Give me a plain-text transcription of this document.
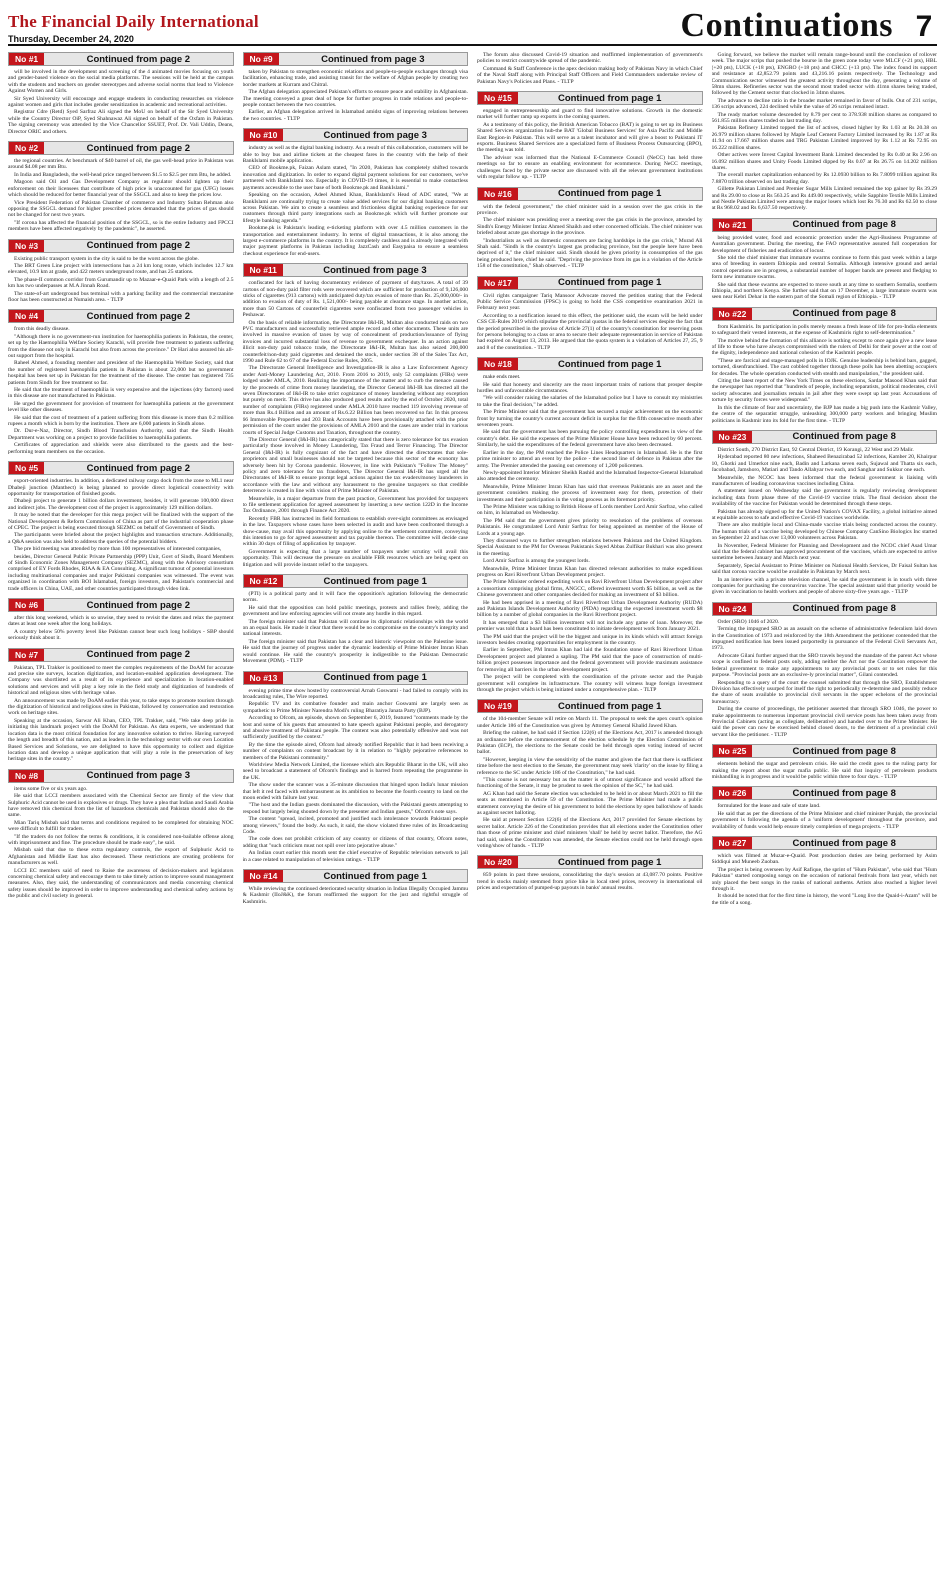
The Financial Daily International
Thursday, December 24, 2020	Continuations 7
No #1	Continued from page 2

will be involved in the development and screening of the 4 animated movies focusing on youth and gender-based violence on the social media platforms. The sessions will be held at the campus with the students and teachers on gender stereotypes and adverse social norms that lead to Violence Against Women and Girls.

Sir Syed University will encourage and engage students in conducting researches on violence against women and girls that includes gender sensitization in academic and recreational activities.

Registrar Cdre (Retd) Syed Sarfraz Ali signed the MoU on behalf of the Sir Syed University while the Country Director OiP, Syed Shahnawaz Ali signed on behalf of the Oxfam in Pakistan. The signing ceremony was attended by the Vice Chancellor SSUET, Prof. Dr. Vali Uddin, Deans, Director ORIC and others.

No #2	Continued from page 2

the regional countries. At benchmark of $40 barrel of oil, the gas well-head price in Pakistan was around $4.08 per mm Btu.

In India and Bangladesh, the well-head price ranged between $1.5 to $2.5 per mm Btu, he added.

Magoon said Oil and Gas Development Company as regulator should tighten up their enforcement on their licensees that contribute of high price is unaccounted for gas (UFG) losses which should be reduced for better financial year of the SSGCL and also to keep the prices low.

Vice President Federation of Pakistan Chamber of commerce and Industry Sultan Rehman also opposing the SSGCL demand for higher prescribed prices demanded that the prices of gas should not be changed for next two years.

"If corona has affected the financial position of the SSGCL, so is the entire Industry and FPCCI members have been affected negatively by the pandemic", he asserted.

No #3	Continued from page 2

Existing public transport system in the city is said to be the worst across the globe.

The BRT Green Line project with intersections has a 24 km long route, which includes 12.7 km elevated, 10.9 km at grade, and 422 meters underground route, and has 25 stations.

The phase-II common corridor from Gurumandir up to Mazaar-e-Quaid Park with a length of 2.5 km has two underpasses at M.A Jinnah Road.

The state-of-art underground bus terminal with a parking facility and the commercial mezzanine floor has been constructed at Numaish area. - TLTP

No #4	Continued from page 2

from this deadly disease.

"Although there is no government-run institution for haemophilia patients in Pakistan, the center, set up by the Haemophilia Welfare Society Karachi, will provide free treatment to patients suffering from the disease not only in Karachi but also from across the province." Dr Hari also assured his all-out support from the hospital.

Raheel Ahmed, a founding member and president of the Haemophilia Welfare Society, said that the number of registered haemophilia patients in Pakistan is about 22,000 but no government hospital has been set up in Pakistan for the treatment of the disease. The center has registered 735 patients from Sindh for free treatment so far.

He said that the treatment of haemophilia is very expensive and the injections (dry factors) used in this disease are not manufactured in Pakistan.

He urged the government for provision of treatment for haemophilia patients at the government level like other diseases.

He said that the cost of treatment of a patient suffering from this disease is more than 0.2 million rupees a month which is born by the institution. There are 6,000 patients in Sindh alone.

Dr. Dur-e-Naz, Director, Sindh Blood Transfusion Authority, said that the Sindh Health Department was working on a project to provide facilities to haemophilia patients.

Certificates of appreciation and shields were also distributed to the guests and the best-performing team members on the occasion.

No #5	Continued from page 2

export-oriented industries. In addition, a dedicated railway cargo dock from the zone to ML1 near Dhabeji junction (Manthect) is being planned to provide direct logistical connectivity with opportunity for transportation of finished goods.

Dhabeji project to generate 1 billion dollars investment, besides, it will generate 100,000 direct and indirect jobs. The development cost of the project is approximately 129 million dollars.

It may be noted that the developer for this mega project will be finalized with the support of the National Development & Reform Commission of China as part of the industrial cooperation phase of CPEC. The project is being executed through SEZMC on behalf of Government of Sindh.

The participants were briefed about the project highlights and transaction structure. Additionally, a Q&A session was also held to address the queries of the potential bidders.

The pre bid meeting was attended by more than 100 representatives of interested companies,

besides, Director General Public Private Partnership (PPP) Unit, Govt of Sindh, Board Members of Sindh Economic Zones Management Company (SEZMC), along with the Advisory consortium comprised of EY Fords Rhodes, RIAA & EA Consulting. A significant turnout of potential investors including multinational companies and major Pakistani companies was witnessed. The event was organized in coordination with BOI Islamabad, foreign investors, and Pakistan's commercial and trade officers in China, UAE, and other countries participated through video link.

No #6	Continued from page 2

after this long weekend, which is so unwise, they need to revisit the dates and relax the payment dates at least one week after the long holidays.

A country below 50% poverty level like Pakistan cannot bear such long holidays - SBP should seriously think about it.

No #7	Continued from page 2

Pakistan, TPL Trakker is positioned to meet the complex requirements of the DoAM for accurate and precise site surveys, location digitization, and location-enabled application development. The Company was shortlisted as a result of its experience and specialization in location-enabled solutions and services and will play a key role in the field study and digitization of hundreds of historical and religious sites with heritage value.

An announcement was made by DoAM earlier this year, to take steps to promote tourism through the digitization of historical and religious sites in Pakistan, followed by conservation and restoration work on heritage sites.

Speaking at the occasion, Sarwar Ali Khan, CEO, TPL Trakker, said, "We take deep pride in initiating this landmark project with the DoAM for Pakistan. As data experts, we understand that location data is the most critical foundation for any innovative solution to thrive. Having surveyed the length and breadth of this nation, and as leaders in the technology sector with our own Location Based Services and Solutions, we are delighted to have this opportunity to collect and digitize location data and develop a unique application that will play a role in the preservation of key heritage sites in the country."

No #8	Continued from page 3

items some five or six years ago.

He said that LCCI members associated with the Chemical Sector are firmly of the view that Sulphuric Acid cannot be used in explosives or drugs. They have a plea that Indian and Saudi Arabia have removed this chemical from the list of hazardous chemicals and Pakistan should also do the same.

Mian Tariq Misbah said that terms and conditions required to be completed for obtaining NOC were difficult to fulfill for traders.

"If the traders do not follow the terms & conditions, it is considered non-bailable offense along with imprisonment and fine. The procedure should be made easy", he said.

Misbah said that due to these extra regulatory controls, the export of Sulphuric Acid to Afghanistan and Middle East has also decreased. These restrictions are creating problems for manufacturers as well.

LCCI EC members said of need to Raise the awareness of decision-makers and legislators concerning chemical safety and encourage them to take timely action to improve sound management measures. Also, they said, the understanding of communicators and media concerning chemical safety issues should be improved in order to improve understanding and chemical safety actions by the public and civil society in general.

No #9	Continued from page 3

taken by Pakistan to strengthen economic relations and people-to-people exchanges through visa facilitation, enhancing trade, and assisting transit for the welfare of Afghan people by creating two border markets at Kurram and Chitral.

The Afghan delegation appreciated Pakistan's efforts to ensure peace and stability in Afghanistan. The meeting conveyed a great deal of hope for further progress in trade relations and people-to-people contact between the two countries.

Earlier, an Afghan delegation arrived in Islamabad amidst signs of improving relations between the two countries. - TLTP

No #10	Continued from page 3

industry as well as the digital banking industry. As a result of this collaboration, customers will be able to buy bus and airline tickets at the cheapest fares in the country with the help of their BankIslami mobile application.

CEO of Bookme.pk, Faizan Aslam stated, "In 2020, Pakistan has completely shifted towards innovation and digitization. In order to expand digital payment solutions for our customers, we've partnered with BankIslami too. Especially in COVID-19 times, it is essential to make contactless payments accessible to the user base of both Bookme.pk and BankIslami."

Speaking on the occasion, Adeel Ahmed Khan, BankIslami's Head of ADC stated, "We at BankIslami are continually trying to create value added services for our digital banking customers across Pakistan. We aim to create a seamless and frictionless digital banking experience for our customers through third party integrations such as Bookme.pk which will further promote our lifestyle banking agenda."

Bookme.pk is Pakistan's leading e-ticketing platform with over 4.5 million customers in the transportation and entertainment industry. In terms of digital transactions, it is also among the largest e-commerce platforms in the country. It is completely cashless and is already integrated with major payment platforms in Pakistan including JazzCash and Easypaisa to ensure a seamless checkout experience for end-users.

No #11	Continued from page 3

confiscated for lack of having documentary evidence of payment of duty/taxes. A total of 39 cartons of non-duty paid filter rods were recovered which are sufficient for production of 9,126,000 sticks of cigarettes (913 cartons) with anticipated duty/tax evasion of more than Rs. 25,000,000/- in addition to evasion of duty of Rs. 1,521,000/- being payable at clearance stage. In another action, more than 50 Cartons of counterfeit cigarettes were confiscated from two passenger vehicles in Peshawar.

On the basis of reliable information, the Directorate I&I-IR, Multan also conducted raids on two PVC manufacturers and successfully retrieved ample record and other documents. These units are involved in massive evasion of taxes by way of concealment of production/issuance of flying invoices and incurred substantial loss of revenue to government exchequer. In an action against illicit non-duty paid tobacco trade, the Directorate I&I-IR, Multan has also seized 200,000 counterfeit/non-duty paid cigarettes and detained the stock, under section 38 of the Sales Tax Act, 1990 and Rule 62 to 67 of the Federal Excise Rules, 2005.

The Directorate General Intelligence and Investigation-IR is also a Law Enforcement Agency under Anti-Money Laundering Act, 2010. From 2016 to 2019, only 52 complaints (FIRs) were lodged under AMLA, 2010. Realizing the importance of the matter and to curb the menace caused by the proceeds of crime from money laundering, the Director General I&I-IR has directed all the seven Directorates of I&I-IR to take strict cognizance of money laundering without any exception but purely on merit. This drive has also produced good results and by the end of October 2020, total number of complaints (FIRs) registered under AMLA 2010 have reached 119 involving revenue of more than Rs.4 Billion and an amount of Rs.6.22 Billion has been recovered so far. In this process 66 Immovable Properties and 203 Bank Accounts have been provisionally attached with the prior permission of the court under the provisions of AMLA 2010 and the cases are under trial in various courts of Special Judge Customs and Taxation, throughout the country.

The Director General (I&I-IR) has categorically stated that there is zero tolerance for tax evasion particularly those involved in Money Laundering, Tax Fraud and Terror Financing. The Director General (I&I-IR) is fully cognizant of the fact and have directed the directorates that sole-proprietors and small businesses should not be targeted because this sector of the economy has adversely been hit by Corona pandemic. However, in line with Pakistan's "Follow The Money" policy and zero tolerance for tax fraudsters, The Director General I&I-IR has urged all the Directorates of I&I-IR to ensure prompt legal actions against the tax evaders/money launderers in accordance with the law and without any harassment to the genuine taxpayers so that credible deterrence is created in line with vision of Prime Minister of Pakistan.

Meanwhile, in a major departure from the past practice, Government has provided for taxpayers to file settlement application for agreed assessment by inserting a new section 122D in the Income Tax Ordinance, 2001 through Finance Act 2020.

Recently FBR has instructed its field formations to establish over-sight committees as envisaged in the law. Taxpayers whose cases have been selected in audit and have been confronted through a show-cause, may avail this opportunity by applying online to the settlement committee, conveying this intention to go for agreed assessment and tax payable thereon. The committee will decide case within 30 days of filing of application by taxpayer.

Government is expecting that a large number of taxpayers under scrutiny will avail this opportunity. This will decrease the pressure on available FBR resources which are being spent on litigation and will provide instant relief to the taxpayers.

No #12	Continued from page 1

(PTI) is a political party and it will face the opposition's agitation following the democratic norms.

He said that the opposition can hold public meetings, protests and rallies freely, adding the government and law enforcing agencies will not create any hurdle in this regard.

The foreign minister said that Pakistan will continue its diplomatic relationships with the world on an equal basis. He made it clear that there would be no compromise on the country's integrity and national interests.

The foreign minister said that Pakistan has a clear and historic viewpoint on the Palestine issue. He said that the journey of progress under the dynamic leadership of Prime Minister Imran Khan would continue. He said the country's prosperity is indigestible to the Pakistan Democratic Movement (PDM). - TLTP

No #13	Continued from page 1

evening prime time show hosted by controversial Arnab Goswami - had failed to comply with its broadcasting rules, The Wire reported.

Republic TV and its combative founder and main anchor Goswami are largely seen as sympathetic to Prime Minister Narendra Modi's ruling Bharatiya Janata Party (BJP).

According to Ofcom, an episode, shown on September 6, 2019, featured "comments made by the host and some of his guests that amounted to hate speech against Pakistani people, and derogatory and abusive treatment of Pakistani people. The content was also potentially offensive and was not sufficiently justified by the context."

By the time the episode aired, Ofcom had already notified Republic that it had been receiving a number of complaints on content broadcast by it in relation to "highly pejorative references to members of the Pakistani community."

Worldview Media Network Limited, the licensee which airs Republic Bharat in the UK, will also need to broadcast a statement of Ofcom's findings and is barred from repeating the programme in the UK.

The show under the scanner was a 35-minute discussion that hinged upon India's lunar mission that left it red faced with embarrassment as its ambition to become the fourth country to land on the moon ended with failure last year.

"The host and the Indian guests dominated the discussion, with the Pakistani guests attempting to respond but largely being shouted down by the presenter and Indian guests," Ofcom's note says.

The content "spread, incited, promoted and justified such intolerance towards Pakistani people among viewers," found the body. As such, it said, the show violated three rules of its Broadcasting Code.

The code does not prohibit criticism of any country or citizens of that country, Ofcom notes, adding that "such criticism must not spill over into pejorative abuse."

An Indian court earlier this month sent the chief executive of Republic television network to jail in a case related to manipulation of television ratings. - TLTP

No #14	Continued from page 1

While reviewing the continued deteriorated security situation in Indian Illegally Occupied Jammu & Kashmir (IIoJ&K), the forum reaffirmed the support for the just and rightful struggle of Kashmiris.

The forum also discussed Covid-19 situation and reaffirmed implementation of government's policies to restrict countrywide spread of the pandemic.

Command & Staff Conference is the apex decision making body of Pakistan Navy in which Chief of the Naval Staff along with Principal Staff Officers and Field Commanders undertake review of Pakistan Navy's Policies and Plans. - TLTP

No #15	Continued from page 1

engaged in entrepreneurship and guard to find innovative solutions. Growth in the domestic market will further ramp up exports in the coming quarters.

As a testimony of this policy, the British American Tobacco (BAT) is going to set up its Business Shared Services organization hub-the BAT 'Global Business Services' for Asia Pacific and Middle East Region-in Pakistan. This will serve as a talent incubator and will give a boost to Pakistani IT exports. Business Shared Services are a specialized form of Business Process Outsourcing (BPO), the meeting was told.

The advisor was informed that the National E-Commerce Council (NeCC) has held three meetings so far to ensure an enabling environment for ecommerce. During NeCC meetings, challenges faced by the private sector are discussed with all the relevant government institutions with regular follow up. - TLTP

No #16	Continued from page 1

with the federal government," the chief minister said in a session over the gas crisis in the province.

The chief minister was presiding over a meeting over the gas crisis in the province, attended by Sindh's Energy Minister Imtiaz Ahmed Shaikh and other concerned officials. The chief minister was briefed about acute gas shortage in the province.

"Industrialists as well as domestic consumers are facing hardships in the gas crisis," Murad Ali Shah said. "Sindh is the country's largest gas producing province, but the people here have been deprived of it," the chief minister said. Sindh should be given priority in consumption of the gas being produced here, chief he said. "Depriving the province from its gas is a violation of the Article 158 of the constitution," Shah observed. - TLTP

No #17	Continued from page 1

Civil rights campaigner Tariq Mansoor Advocate moved the petition stating that the Federal Public Service Commission (FPSC) is going to hold the CSS competitive examination 2021 in February next year.

According to a notification issued to this effect, the petitioner said, the exam will be held under CSS CE-Rules 2019 which stipulate the provincial quotas in the federal services despite the fact that the period prescribed in the proviso of Article 27(1) of the country's constitution for reserving posts for persons belonging to a class or area to secure their adequate representation in service of Pakistan had expired on August 13, 2013. He argued that the quota system is a violation of Articles 27, 25, 9 and 8 of the constitution. - TLTP

No #18	Continued from page 1

make ends meet.

He said that honesty and sincerity are the most important traits of nations that prosper despite hurdles and unfavourable circumstances.

"We will consider raising the salaries of the Islamabad police but I have to consult my ministries to take the final decision," he added.

The Prime Minister said that the government has secured a major achievement on the economic front by turning the country's current account deficit in surplus for the fifth consecutive month after seventeen years.

He said that the government has been pursuing the policy controlling expenditures in view of the country's debt. He said the expenses of the Prime Minister House have been reduced by 60 percent. Similarly, he said the expenditures of the federal government have also been decreased.

Earlier in the day, the PM reached the Police Lines Headquarters in Islamabad. He is the first prime minister to attend an event by the police - the second line of defence in Pakistan after the army. The Premier attended the passing out ceremony of 1,200 policemen.

Newly-appointed Interior Minister Sheikh Rashid and the Islamabad Inspector-General Islamabad also attended the ceremony.

Meanwhile, Prime Minister Imran Khan has said that overseas Pakistanis are an asset and the government considers making the process of investment easy for them, protection of their investments and their participation in the voting process as its foremost priority.

The Prime Minister was talking to British House of Lords member Lord Amir Sarfraz, who called on him, in Islamabad on Wednesday.

The PM said that the government gives priority to resolution of the problems of overseas Pakistanis. He congratulated Lord Amir Sarfraz for being appointed as member of the House of Lords at a young age.

They discussed ways to further strengthen relations between Pakistan and the United Kingdom. Special Assistant to the PM for Overseas Pakistanis Sayed Abbas Zulfikar Bukhari was also present in the meeting.

Lord Amir Sarfraz is among the youngest lords.

Meanwhile, Prime Minister Imran Khan has directed relevant authorities to make expeditious progress on Ravi Riverfront Urban Development project.

The Prime Minister ordered expediting work on Ravi Riverfront Urban Development project after a consortium comprising global firms, ANGCC, offered investment worth $5 billion, as well as the Chinese government and other companies decided for making an investment of $3 billion.

He had been apprised in a meeting of Ravi Riverfront Urban Development Authority (RUDA) and Pakistan Islands Development Authority (PIDA) regarding the expected investment worth $8 billion by a number of global companies in the Ravi Riverfront project.

It has emerged that a $3 billion investment will not include any game of loan. Moreover, the premier was told that a board has been constituted to initiate development work from January 2021.

The PM said that the project will be the biggest and unique in its kinds which will attract foreign investors besides creating opportunities for employment in the country.

Earlier in September, PM Imran Khan had laid the foundation stone of Ravi Riverfront Urban Development project and planted a sapling. The PM said that the pace of construction of multi-billion project possesses importance and the federal government will provide maximum assistance for removing all barriers in the urban development project.

The project will be completed with the coordination of the private sector and the Punjab government will complete its infrastructure. The country will witness huge foreign investment through the project which is being initiated under a comprehensive plan. - TLTP

No #19	Continued from page 1

of the 104-member Senate will retire on March 11. The proposal to seek the apex court's opinion under Article 186 of the Constitution was given by Attorney General Khalid Jawed Khan.

Briefing the cabinet, he had said if Section 122(6) of the Elections Act, 2017 is amended through an ordinance before the commencement of the election schedule by the Election Commission of Pakistan (ECP), the elections to the Senate could be held through open voting instead of secret ballot.

"However, keeping in view the sensitivity of the matter and given the fact that there is sufficient time before the next election to the Senate, the government may seek 'clarity' on the issue by filing a reference to the SC under Article 186 of the Constitution," he had said.

"This course is not necessary but as the matter is of utmost significance and would afford the functioning of the Senate, it may be prudent to seek the opinion of the SC," he had said.

AG Khan had said the Senate election was scheduled to be held in or about March 2021 to fill the seats as mentioned in Article 59 of the Constitution. The Prime Minister had made a public statement conveying the desire of his government to hold the elections by open ballot/show of hands as against secret balloting.

He said at present Section 122(6) of the Elections Act, 2017 provided for Senate elections by secret ballot. Article 226 of the Constitution provides that all elections under the Constitution other than those of prime minister and chief ministers 'shall' be held by secret ballot. Therefore, the AG had said, unless the Constitution was amended, the Senate election could not be held through open voting/show of hands. - TLTP

No #20	Continued from page 1

859 points in past three sessions, consolidating the day's session at 43,087.70 points. Positive trend in stocks mainly stemmed from price hike in local steel prices, recovery in international oil prices and expectation of pumped-up payouts in banks' annual results.

Going forward, we believe the market will remain range-bound until the conclusion of rollover week. The major scrips that pushed the bourse in the green zone today were MLCF (+21 pts), HBL (+20 pts), LUCK (+18 pts), ENGRO (+18 pts) and CHCC (+13 pts). The index found its support and resistance at 42,852.79 points and 43,216.16 points respectively. The Technology and Communication sector witnessed the greatest activity throughout the day, generating a volume of 58mn shares. Refineries sector was the second most traded sector with 41mn shares being traded, followed by the Cement sector that clocked in 34mn shares.

The advance to decline ratio in the broader market remained in favor of bulls. Out of 231 scrips, 136 scrips advanced, 224 declined while the value of 26 scrips remained intact.

The ready market volume descended by 8.79 per cent to 378.938 million shares as compared to 561.855 million shares traded on last trading day.

Pakistan Refinery Limited topped the list of actives, closed higher by Rs 1.03 at Rs 20.38 on 26.979 million shares followed by Maple Leaf Cement Factory Limited increased by Rs 1.87 at Rs 41.94 on 17.667 million shares and TRG Pakistan Limited improved by Rs 1.12 at Rs 72.95 on 16.222 million shares.

Other actives were Invest Capital Investment Bank Limited descended by Rs 0.40 at Rs 2.96 on 16.092 million shares and Unity Foods Limited dipped by Rs 0.07 at Rs 26.75 on 14.202 million shares.

The overall market capitalization enhanced by Rs 12.0930 billion to Rs 7.8099 trillion against Rs 7.8870 trillion observed on last trading day.

Gillette Pakistan Limited and Premier Sugar Mills Limited remained the top gainer by Rs 39.29 and Rs 29.00 to close at Rs 563.25 and Rs 449.00 respectively, while Sapphire Textile Mills Limited and Nestle Pakistan Limited were among the major losers which lost Rs 76.30 and Rs 62.50 to close at Rs 968.02 and Rs 6,637.50 respectively.

No #21	Continued from page 8

being provided water, food and economic protection under the Agri-Business Programme of Australian government. During the meeting, the FAO representative assured full cooperation for development of fisheries and eradication of locust.

She told the chief minister that immature swarms continue to form this past week within a large area of breeding in eastern Ethiopia and central Somalia. Although intensive ground and aerial control operations are in progress, a substantial number of hopper bands are present and fledging to form new immature swarms.

She said that these swarms are expected to move south at any time to southern Somalia, southern Ethiopia, and northern Kenya. She further said that on 17 December, a large immature swarm was seen near Kebri Dehar in the eastern part of the Somali region of Ethiopia. - TLTP

No #22	Continued from page 8

from Kashmiris. Its participation in polls merely means a fresh lease of life for pro-India elements to safeguard their vested interests, at the expense of Kashmiris right to self-determination."

The motive behind the formation of this alliance is nothing except to once again give a new lease of life to those who have always compromised with the rulers of Delhi for their power at the cost of the dignity, independence and national cohesion of the Kashmiri people.

"These are farcical and stage-managed polls in IOJK. Genuine leadership is behind bars, gagged, tortured, disenfranchised. The cast cobbled together through these polls has been abetting occupiers for decades. The whole operation conducted with stealth and manipulation," the president said.

Citing the latest report of the New York Times on these elections, Sardar Masood Khan said that the newspaper has reported that "hundreds of people, including separatists, political moderates, civil society advocates and journalists remain in jail after they were swept up last year. Accusations of torture by security forces were widespread."

In this the climate of fear and uncertainty, the BJP has made a big push into the Kashmir Valley, the centre of the separatist struggle, unleashing 300,000 party workers and bringing Muslim politicians in Kashmir into its fold for the first time. - TLTP

No #23	Continued from page 8

District South, 270 District East, 92 Central District, 19 Korangi, 22 West and 29 Malir.

Hyderabad reported 80 new infections, Shaheed Benazirabad 52 infections, Kamber 20, Khairpur 10, Ghotki and Umerkot nine each, Badin and Larkana seven each, Sujawal and Thatta six each, Jacobabad, Jamshoro, Matiari and Tando Allahyar two each, and Sanghar and Sukkur one each.

Meanwhile, the NCOC has been informed that the federal government is liaising with manufacturers of leading coronavirus vaccines including China.

A statement issued on Wednesday said the government is regularly reviewing development including data from phase three of the Covid-19 vaccine trials. The final decision about the availability of the vaccine for Pakistan would be determined through these steps.

Pakistan has already signed up for the United Nation's COVAX Facility, a global initiative aimed at equitable access to safe and effective Covid-19 vaccines worldwide.

There are also multiple local and China-made vaccine trials being conducted across the country. The human trials of a vaccine being developed by Chinese Company CanSino Biologics Inc started on September 22 and has over 13,000 volunteers across Pakistan.

In November, Federal Minister for Planning and Development and the NCOC chief Asad Umar said that the federal cabinet has approved procurement of the vaccines, which are expected to arrive sometime between January and March next year.

Separately, Special Assistant to Prime Minister on National Health Services, Dr Faisal Sultan has said that corona vaccine would be available in Pakistan by March next.

In an interview with a private television channel, he said the government is in touch with three companies for purchasing the coronavirus vaccine. The special assistant said that priority would be given in vaccination to health workers and people of above sixty-five years age. - TLTP

No #24	Continued from page 8

Order (SRO) 1046 of 2020.

Terming the impugned SRO as an assault on the scheme of administrative federalism laid down in the Constitution of 1973 and reinforced by the 18th Amendment the petitioner contended that the impugned notification has been issued purportedly in pursuance of the Federal Civil Servants Act, 1973.

Advocate Gilani further argued that the SRO travels beyond the mandate of the parent Act whose scope is confined to federal posts only, adding neither the Act nor the Constitution empower the federal government to make any appointments to any provincial posts or to set rules for this purpose. "Provincial posts are an exclusive-ly provincial matter", Gilani contended.

Responding to a query of the court the counsel submitted that through the SRO, Establishment Division has effectively usurped for itself the right to periodically re-determine and possibly reduce the share of seats available to provincial civil servants in the upper echelons of the provincial bureaucracy.

During the course of proceedings, the petitioner asserted that through SRO 1046, the power to make appointments to numerous important provincial civil service posts has been taken away from Provincial Cabinets (acting as collegiate, deliberative) and handed over to the Prime Minister. He said the power can now be exercised behind closed doors, to the detriment of a provincial civil servant like the petitioner. - TLTP

No #25	Continued from page 8

elements behind the sugar and petroleum crisis. He said the credit goes to the ruling party for making the report about the sugar mafia public. He said that inquiry of petroleum products mishandling is in progress and it would be public within three to four days. - TLTP

No #26	Continued from page 8

formulated for the lease and sale of state land.

He said that as per the directions of the Prime Minister and chief minister Punjab, the provincial government is following the agenda of a 'uniform development' throughout the province, and availability of funds would help ensure timely completion of mega projects. - TLTP

No #27	Continued from page 8

which was filmed at Muzar-e-Quaid. Post production duties are being performed by Asim Siddiqui and Muneeb Zuoban.

The project is being overseen by Asif Rafique, the sprint of "Hum Pakistan", who said that "Hum Pakistan" started composing songs on the occasion of national festivals from last year, which not only placed the best songs in the ranks of national anthems. Artists also reached a higher level through it.

It should be noted that for the first time in history, the word "Long live the Quaid-i-Azam" will be the title of a song.
